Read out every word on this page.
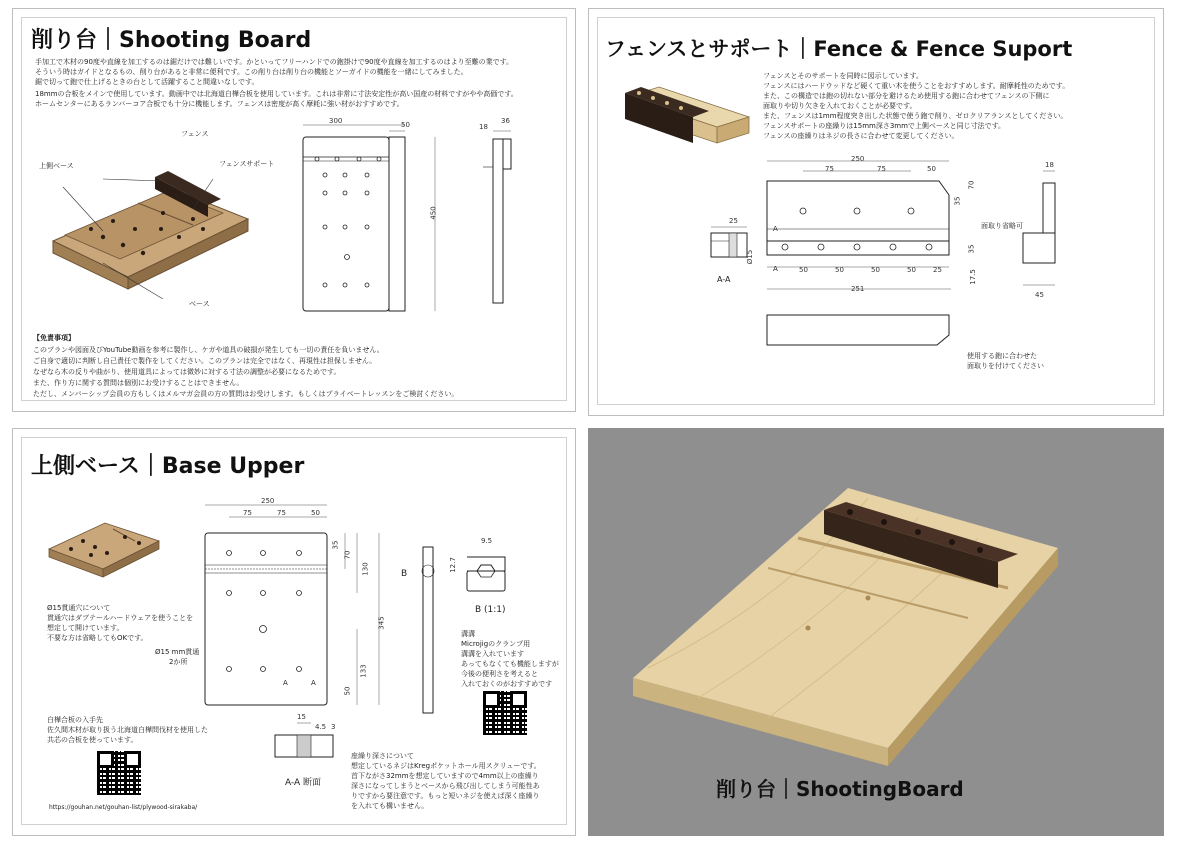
削り台｜Shooting Board
手加工で木材の90度や直線を加工するのは鋸だけでは難しいです。かといってフリーハンドでの鉋掛けで90度や直線を加工するのはより至難の業です。
そういう時はガイドとなるもの、削り台があると非常に便利です。この削り台は削り台の機能とソーガイドの機能を一緒にしてみました。
鋸で切って鉋で仕上げるときの台として活躍すること間違いなしです。
18mmの合板をメインで使用しています。動画中では北海道白樺合板を使用しています。これは非常に寸法安定性が高い国産の材料ですがやや高価です。
ホームセンターにあるランバーコア合板でも十分に機能します。フェンスは密度が高く摩耗に強い材がおすすめです。
フェンス
上側ベース	フェンスサポート
ベース
300	50
450
18
36
【免責事項】
このプランや図面及びYouTube動画を参考に製作し、ケガや道具の破損が発生しても一切の責任を負いません。
ご自身で適切に判断し自己責任で製作をしてください。このプランは完全ではなく、再現性は担保しません。
なぜなら木の反りや曲がり、使用道具によっては微妙に対する寸法の調整が必要になるためです。
また、作り方に関する質問は個別にお受けすることはできません。
ただし、メンバーシップ会員の方もしくはメルマガ会員の方の質問はお受けします。もしくはプライベートレッスンをご検討ください。
フェンスとサポート｜Fence & Fence Suport
フェンスとそのサポートを同時に図示しています。
フェンスにはハードウッドなど硬くて重い木を使うことをおすすめします。耐摩耗性のためです。
また、この構造では鉋の切れない部分を避けるため使用する鉋に合わせてフェンスの下側に
面取りや切り欠きを入れておくことが必要です。
また、フェンスは1mm程度突き出した状態で使う鉋で削り、ゼロクリアランスとしてください。
フェンスサポートの座繰りは15mm深さ3mmで上側ベースと同じ寸法です。
フェンスの座繰りはネジの長さに合わせて変更してください。
250
75	75	50
35
70
35
17.5
50	50	50	50 25
251
面取り省略可
A
A
25
Ø15
A-A
18
45
使用する鉋に合わせた
面取りを付けてください
上側ベース｜Base Upper
250
75	75	50
35
70
130
345
133
50
Ø15 mm貫通
2か所
A	A
B
B (1:1)
9.5
12.7
Ø15貫通穴について
貫通穴はダブテールハードウェアを使うことを
想定して開けています。
不要な方は省略してもOKです。	溝溝
Microjigのクランプ用
溝溝を入れています
あってもなくても機能しますが
今後の便利さを考えると
入れておくのがおすすめです
白樺合板の入手先
佐久間木材が取り扱う北海道白樺問伐材を使用した
共芯の合板を使っています。
https://gouhan.net/gouhan-list/plywood-sirakaba/
15
4.5 3
A-A 断面
座繰り深さについて
想定しているネジはKregポケットホール用スクリューです。
首下ながさ32mmを想定していますので4mm以上の座繰り
深さになってしまうとベースから飛び出してしまう可能性あ
りですから要注意です。もっと短いネジを使えば深く座繰り
を入れても構いません。
削り台｜ShootingBoard
